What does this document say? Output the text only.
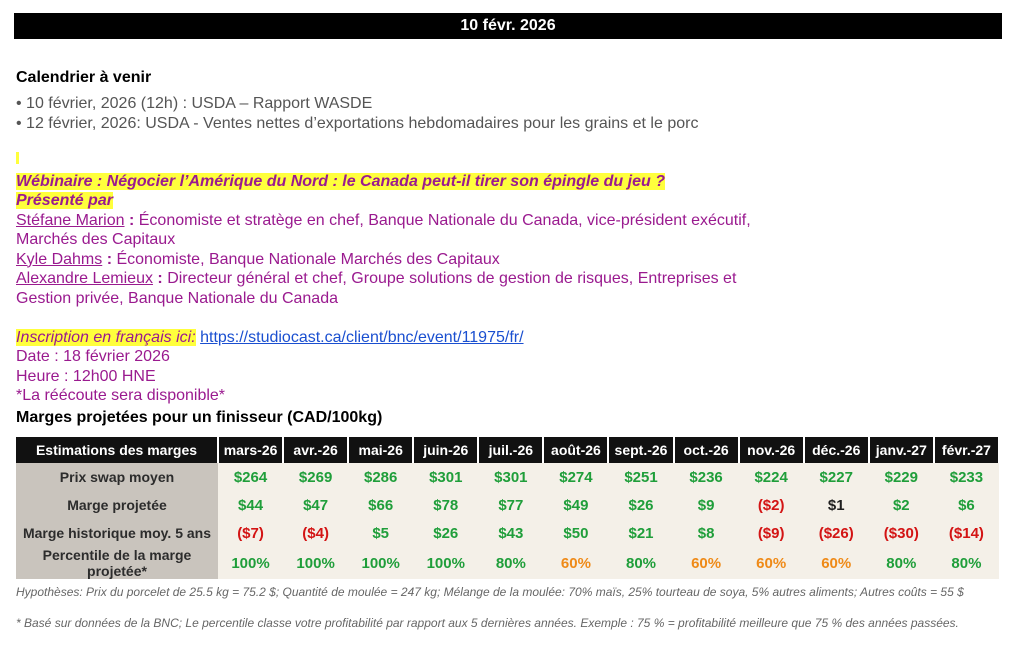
10 févr. 2026
Calendrier à venir
• 10 février, 2026 (12h) : USDA – Rapport WASDE
• 12 février, 2026: USDA - Ventes nettes d’exportations hebdomadaires pour les grains et le porc
Wébinaire : Négocier l’Amérique du Nord : le Canada peut-il tirer son épingle du jeu ?
Présenté par
Stéfane Marion : Économiste et stratège en chef, Banque Nationale du Canada, vice-président exécutif,
Marchés des Capitaux
Kyle Dahms : Économiste, Banque Nationale Marchés des Capitaux
Alexandre Lemieux : Directeur général et chef, Groupe solutions de gestion de risques, Entreprises et
Gestion privée, Banque Nationale du Canada
Inscription en français ici: https://studiocast.ca/client/bnc/event/11975/fr/
Date : 18 février 2026
Heure : 12h00 HNE
*La réécoute sera disponible*
Marges projetées pour un finisseur (CAD/100kg)
Estimations des marges	mars-26	avr.-26	mai-26	juin-26	juil.-26	août-26	sept.-26	oct.-26	nov.-26	déc.-26	janv.-27	févr.-27
Prix swap moyen	$264	$269	$286	$301	$301	$274	$251	$236	$224	$227	$229	$233
Marge projetée	$44	$47	$66	$78	$77	$49	$26	$9	($2)	$1	$2	$6
Marge historique moy. 5 ans	($7)	($4)	$5	$26	$43	$50	$21	$8	($9)	($26)	($30)	($14)
Percentile de la marge projetée*	100%	100%	100%	100%	80%	60%	80%	60%	60%	60%	80%	80%
Hypothèses: Prix du porcelet de 25.5 kg = 75.2 $; Quantité de moulée = 247 kg; Mélange de la moulée: 70% maïs, 25% tourteau de soya, 5% autres aliments; Autres coûts = 55 $
* Basé sur données de la BNC; Le percentile classe votre profitabilité par rapport aux 5 dernières années. Exemple : 75 % = profitabilité meilleure que 75 % des années passées.
